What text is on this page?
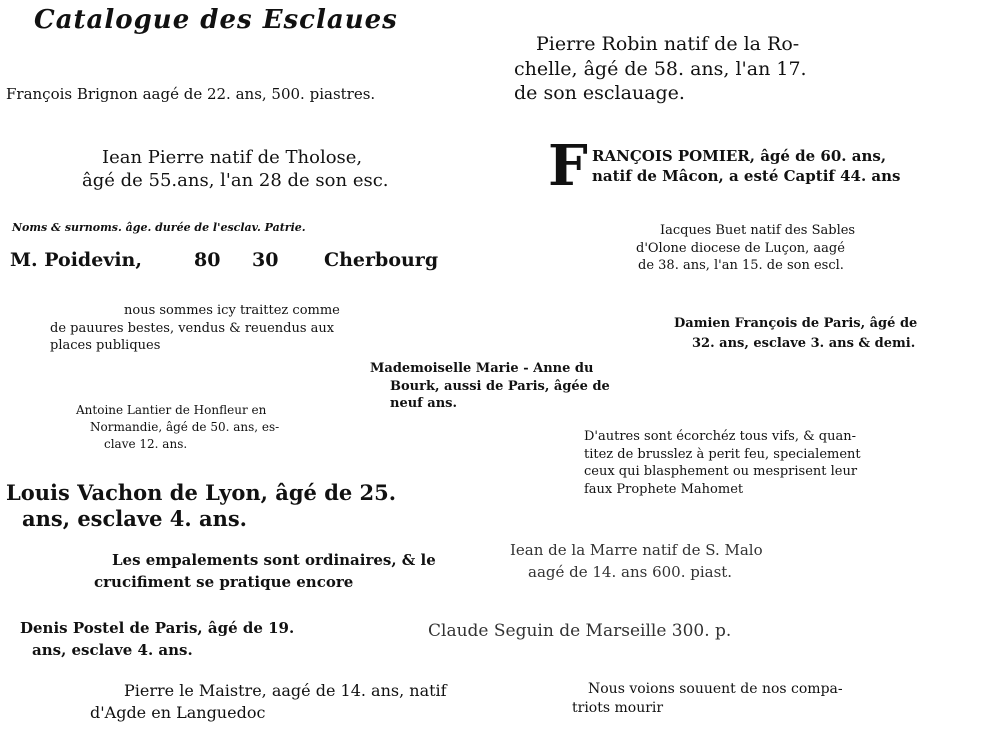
Catalogue des Esclaues
François Brignon aagé de 22. ans, 500. piastres.
Pierre Robin natif de la Ro-
chelle, âgé de 58. ans, l'an 17.
de son esclauage.
Iean Pierre natif de Tholose,
âgé de 55.ans, l'an 28 de son esc.	F RANÇOIS POMIER, âgé de 60. ans,
natif de Mâcon, a esté Captif 44. ans
Noms & surnoms. âge. durée de l'esclav. Patrie.
M. Poidevin,	80 30 Cherbourg
Iacques Buet natif des Sables
d'Olone diocese de Luçon, aagé
de 38. ans, l'an 15. de son escl.
nous sommes icy traittez comme
de pauures bestes, vendus & reuendus aux
places publiques
Damien François de Paris, âgé de
32. ans, esclave 3. ans & demi.
Mademoiselle Marie - Anne du
Bourk, aussi de Paris, âgée de
neuf ans.
Antoine Lantier de Honfleur en
Normandie, âgé de 50. ans, es-
clave 12. ans.	D'autres sont écorchéz tous vifs, & quan-
titez de brusslez à perit feu, specialement
ceux qui blasphement ou mesprisent leur
faux Prophete Mahomet
Louis Vachon de Lyon, âgé de 25.
ans, esclave 4. ans.
Les empalements sont ordinaires, & le
crucifiment se pratique encore
Iean de la Marre natif de S. Malo
aagé de 14. ans 600. piast.
Denis Postel de Paris, âgé de 19.
ans, esclave 4. ans.
Claude Seguin de Marseille 300. p.
Pierre le Maistre, aagé de 14. ans, natif
d'Agde en Languedoc
Nous voions souuent de nos compa-
triots mourir
